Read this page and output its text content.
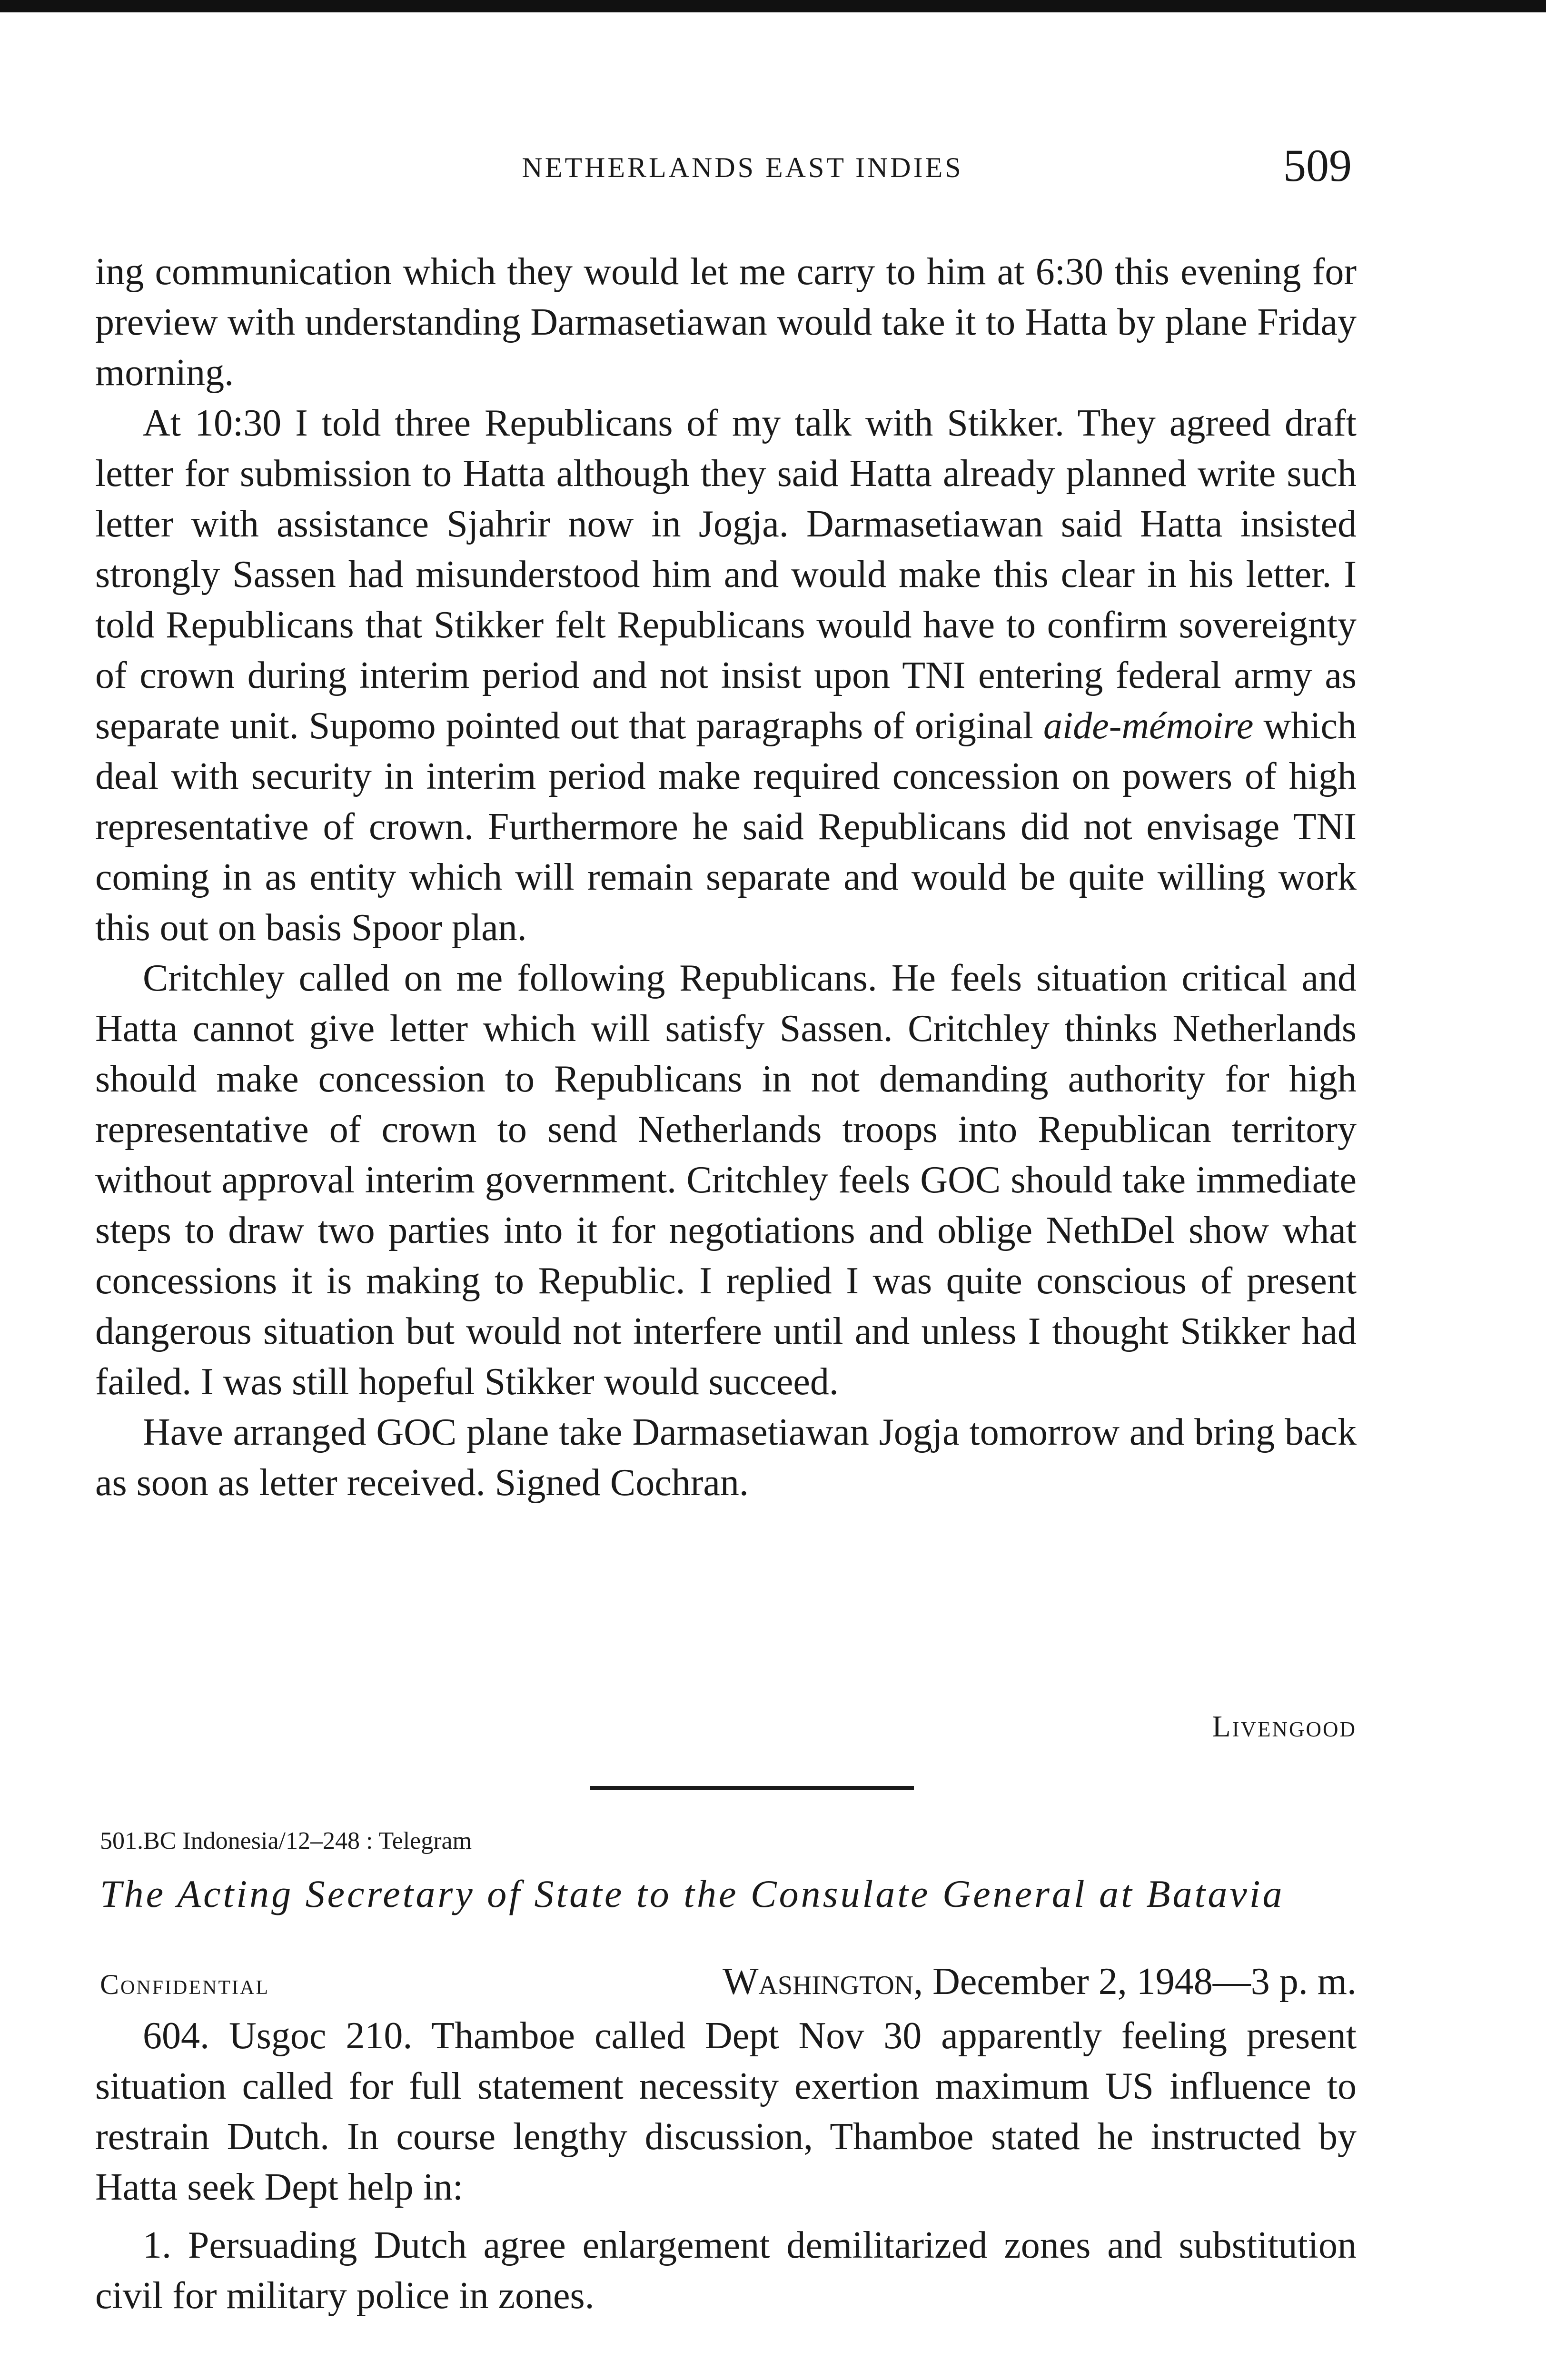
NETHERLANDS EAST INDIES	509

ing communication which they would let me carry to him at 6:30 this evening for preview with understanding Darmasetiawan would take it to Hatta by plane Friday morning.

At 10:30 I told three Republicans of my talk with Stikker. They agreed draft letter for submission to Hatta although they said Hatta already planned write such letter with assistance Sjahrir now in Jogja. Darmasetiawan said Hatta insisted strongly Sassen had misunderstood him and would make this clear in his letter. I told Republicans that Stikker felt Republicans would have to confirm sovereignty of crown during interim period and not insist upon TNI entering federal army as separate unit. Supomo pointed out that paragraphs of original aide-mémoire which deal with security in interim period make required concession on powers of high representative of crown. Furthermore he said Republicans did not envisage TNI coming in as entity which will remain separate and would be quite willing work this out on basis Spoor plan.

Critchley called on me following Republicans. He feels situation critical and Hatta cannot give letter which will satisfy Sassen. Critchley thinks Netherlands should make concession to Republicans in not demanding authority for high representative of crown to send Netherlands troops into Republican territory without approval interim government. Critchley feels GOC should take immediate steps to draw two parties into it for negotiations and oblige NethDel show what concessions it is making to Republic. I replied I was quite conscious of present dangerous situation but would not interfere until and unless I thought Stikker had failed. I was still hopeful Stikker would succeed.

Have arranged GOC plane take Darmasetiawan Jogja tomorrow and bring back as soon as letter received. Signed Cochran.

Livengood
501.BC Indonesia/12–248 : Telegram
The Acting Secretary of State to the Consulate General at Batavia
Confidential	Washington, December 2, 1948—3 p. m.

604. Usgoc 210. Thamboe called Dept Nov 30 apparently feeling present situation called for full statement necessity exertion maximum US influence to restrain Dutch. In course lengthy discussion, Thamboe stated he instructed by Hatta seek Dept help in:

1. Persuading Dutch agree enlargement demilitarized zones and substitution civil for military police in zones.
